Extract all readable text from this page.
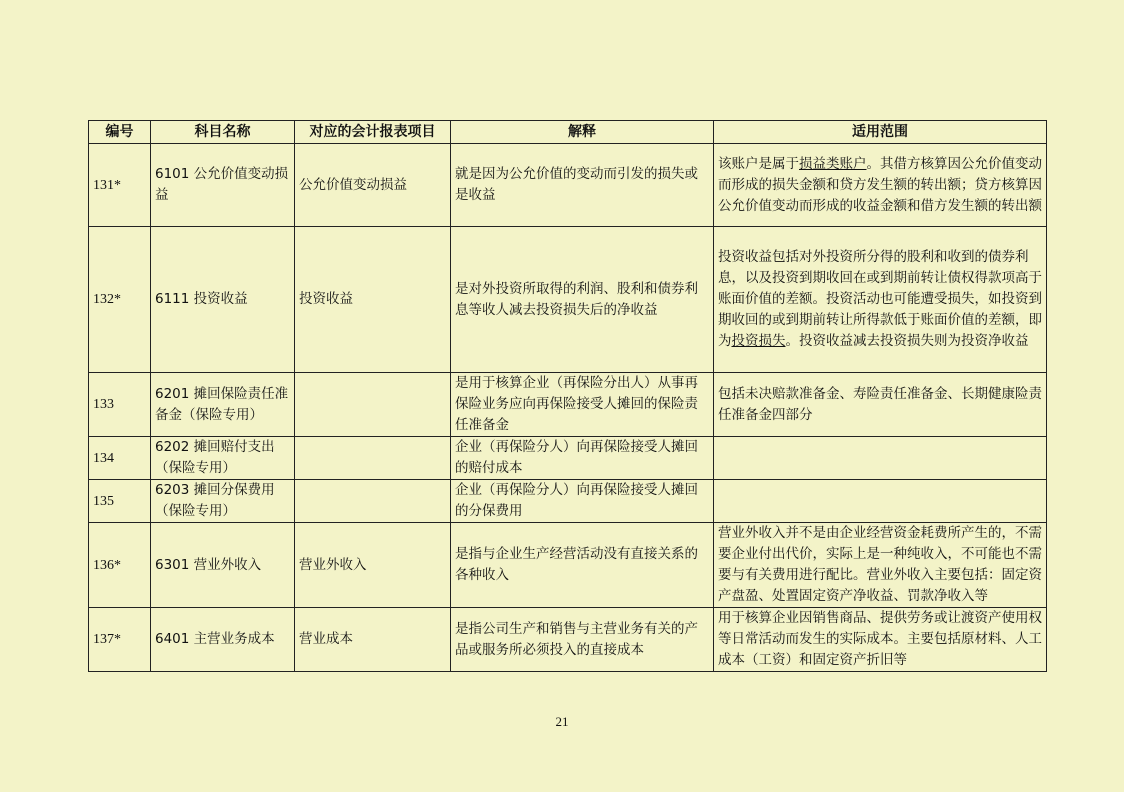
编号	科目名称	对应的会计报表项目	解释	适用范围
131*	6101 公允价值变动损益	公允价值变动损益	就是因为公允价值的变动而引发的损失或是收益	该账户是属于损益类账户。其借方核算因公允价值变动而形成的损失金额和贷方发生额的转出额；贷方核算因公允价值变动而形成的收益金额和借方发生额的转出额
132*	6111 投资收益	投资收益	是对外投资所取得的利润、股利和债券利息等收人减去投资损失后的净收益	投资收益包括对外投资所分得的股利和收到的债券利息，以及投资到期收回在或到期前转让债权得款项高于账面价值的差额。投资活动也可能遭受损失，如投资到期收回的或到期前转让所得款低于账面价值的差额，即为投资损失。投资收益减去投资损失则为投资净收益
133	6201 摊回保险责任准备金（保险专用）		是用于核算企业（再保险分出人）从事再保险业务应向再保险接受人摊回的保险责任准备金	包括未决赔款准备金、寿险责任准备金、长期健康险责任准备金四部分
134	6202 摊回赔付支出（保险专用）		企业（再保险分人）向再保险接受人摊回的赔付成本	
135	6203 摊回分保费用（保险专用）		企业（再保险分人）向再保险接受人摊回的分保费用	
136*	6301 营业外收入	营业外收入	是指与企业生产经营活动没有直接关系的各种收入	营业外收入并不是由企业经营资金耗费所产生的，不需要企业付出代价，实际上是一种纯收入，不可能也不需要与有关费用进行配比。营业外收入主要包括：固定资产盘盈、处置固定资产净收益、罚款净收入等
137*	6401 主营业务成本	营业成本	是指公司生产和销售与主营业务有关的产品或服务所必须投入的直接成本	用于核算企业因销售商品、提供劳务或让渡资产使用权等日常活动而发生的实际成本。主要包括原材料、人工成本（工资）和固定资产折旧等
21
